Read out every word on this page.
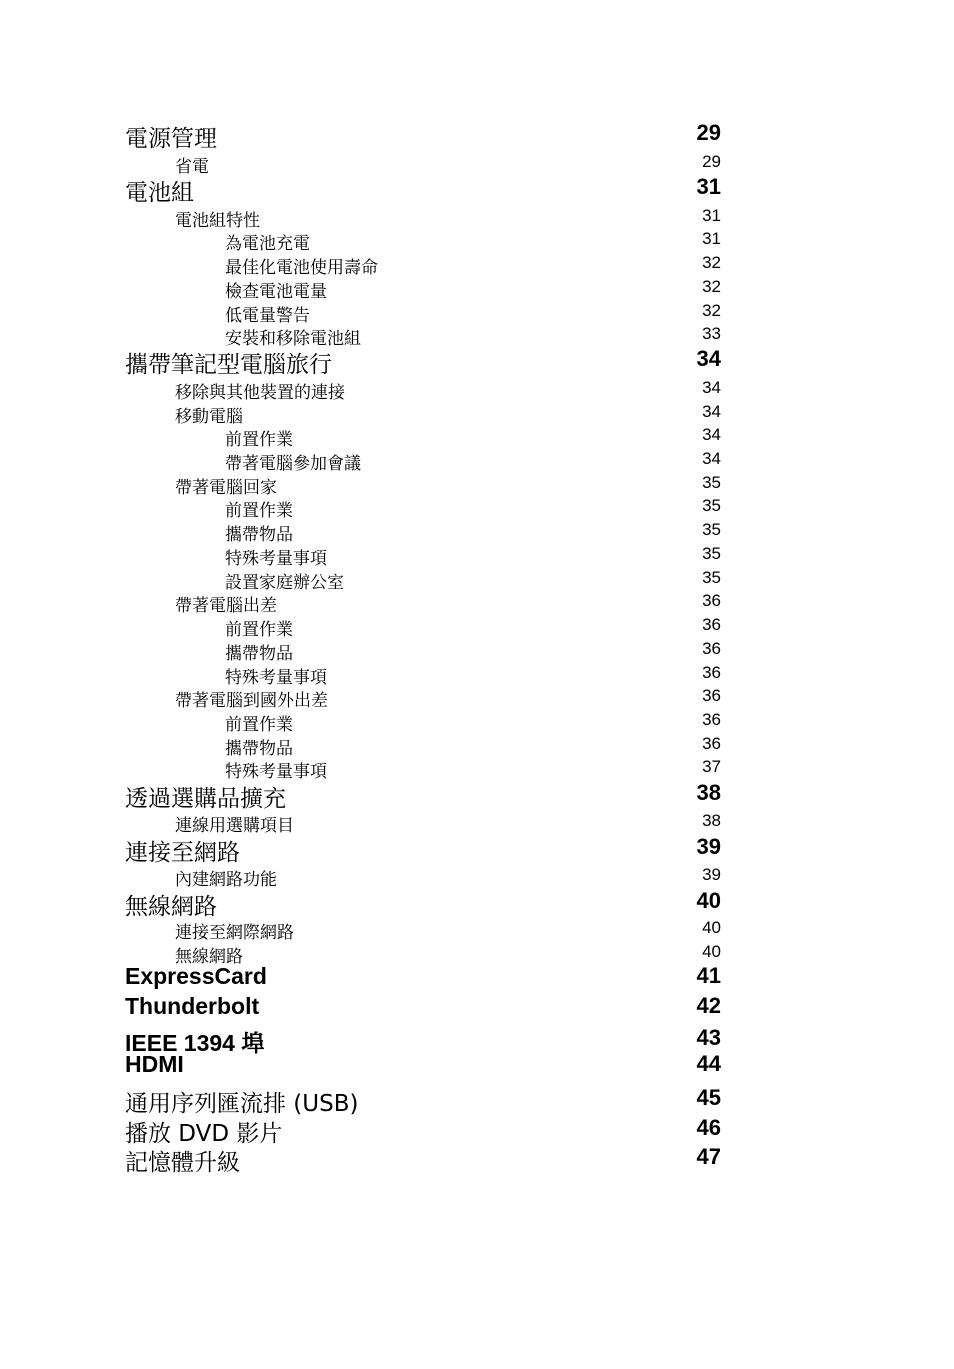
電源管理	29
省電	29
電池組	31
電池組特性	31
為電池充電	31
最佳化電池使用壽命	32
檢查電池電量	32
低電量警告	32
安裝和移除電池組	33
攜帶筆記型電腦旅行	34
移除與其他裝置的連接	34
移動電腦	34
前置作業	34
帶著電腦參加會議	34
帶著電腦回家	35
前置作業	35
攜帶物品	35
特殊考量事項	35
設置家庭辦公室	35
帶著電腦出差	36
前置作業	36
攜帶物品	36
特殊考量事項	36
帶著電腦到國外出差	36
前置作業	36
攜帶物品	36
特殊考量事項	37
透過選購品擴充	38
連線用選購項目	38
連接至網路	39
內建網路功能	39
無線網路	40
連接至網際網路	40
無線網路	40
ExpressCard	41
Thunderbolt	42
IEEE 1394 埠	43
HDMI	44
通用序列匯流排 (USB)	45
播放 DVD 影片	46
記憶體升級	47
